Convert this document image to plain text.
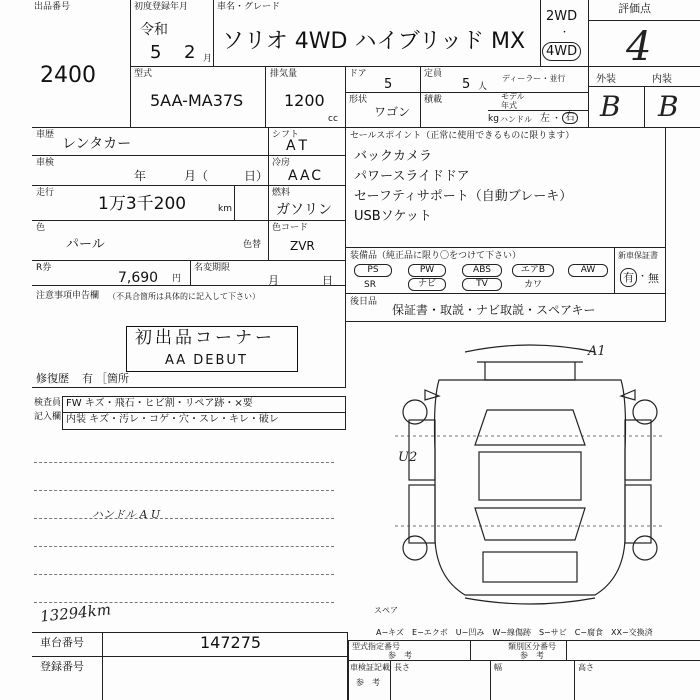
出品番号
2400
初度登録年月
令和
5 2 月
車名・グレード
ソリオ 4WD ハイブリッド MX
2WD
・
4WD
評価点
4
外装	内装
B B
型式
5AA-MA37S
排気量
1200
cc
ドア
5
定員
5 人
ディーラー・並行
モデル
年式
形状
ワゴン
積載
kg ハンドル 左 ・ 右
車歴
レンタカー
シフト
AT
車検
年	月（	日）
冷房
AAC
走行
1万3千200	km
燃料
ガソリン
色
パール	色替
色コード
ZVR
R券
7,690 円
名変期限
月	日
セールスポイント（正常に使用できるものに限ります）
バックカメラ
パワースライドドア
セーフティサポート（自動ブレーキ）
USBソケット
装備品（純正品に限り〇をつけて下さい）
PS	PW	ABS	エアB	AW
SR	ナビ	TV	カワ
新車保証書
有 ・ 無
後日品
保証書・取説・ナビ取説・スペアキー
注意事項申告欄 （不具合箇所は具体的に記入して下さい）
初出品コーナー
AA DEBUT
修復歴 有 ［箇所
検査員
記入欄
FW キズ・飛石・ヒビ割・リペア跡・×要
内装 キズ・汚レ・コゲ・穴・スレ・キレ・破レ
ハンドル A U
13294km
A1
U2
スペア
A−キズ　E−エクボ　U−凹み　W−線傷跡　S−サビ　C−腐食　XX−交換済
車台番号	147275
登録番号
型式指定番号
参　考
類別区分番号
参　考
車検証記載
参　考
長さ	幅	高さ
